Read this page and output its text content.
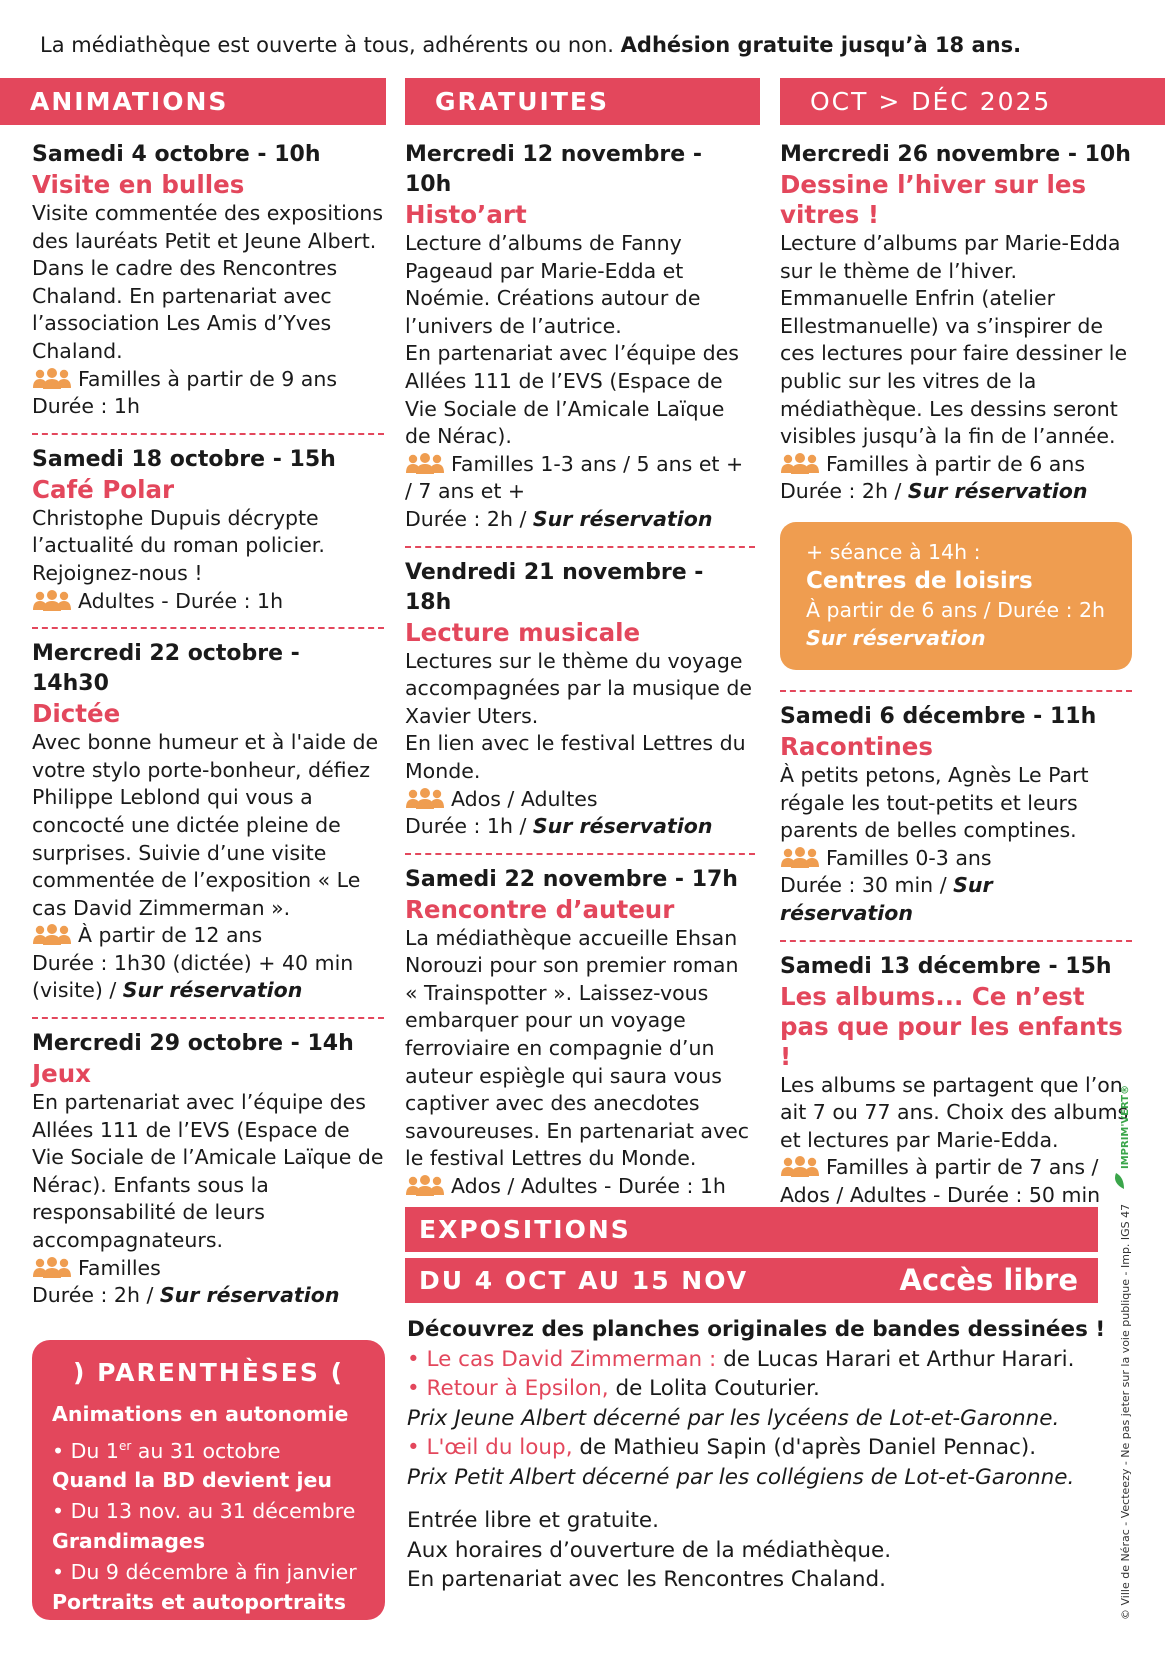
La médiathèque est ouverte à tous, adhérents ou non. Adhésion gratuite jusqu’à 18 ans.
ANIMATIONS	GRATUITES	OCT > DÉC 2025
Samedi 4 octobre - 10h
Visite en bulles
Visite commentée des expositions des lauréats Petit et Jeune Albert. Dans le cadre des Rencontres Chaland. En partenariat avec l’association Les Amis d’Yves Chaland.
Familles à partir de 9 ans
Durée : 1h
Samedi 18 octobre - 15h
Café Polar
Christophe Dupuis décrypte l’actualité du roman policier. Rejoignez-nous !
Adultes - Durée : 1h
Mercredi 22 octobre - 14h30
Dictée
Avec bonne humeur et à l'aide de votre stylo porte-bonheur, défiez Philippe Leblond qui vous a concocté une dictée pleine de surprises. Suivie d’une visite commentée de l’exposition « Le cas David Zimmerman ».
À partir de 12 ans
Durée : 1h30 (dictée) + 40 min (visite) / Sur réservation
Mercredi 29 octobre - 14h
Jeux
En partenariat avec l’équipe des Allées 111 de l’EVS (Espace de Vie Sociale de l’Amicale Laïque de Nérac). Enfants sous la responsabilité de leurs accompagnateurs.
Familles
Durée : 2h / Sur réservation
Mercredi 12 novembre - 10h
Histo’art
Lecture d’albums de Fanny Pageaud par Marie-Edda et Noémie. Créations autour de l’univers de l’autrice.
En partenariat avec l’équipe des Allées 111 de l’EVS (Espace de Vie Sociale de l’Amicale Laïque de Nérac).
Familles 1-3 ans / 5 ans et + / 7 ans et +
Durée : 2h / Sur réservation
Vendredi 21 novembre - 18h
Lecture musicale
Lectures sur le thème du voyage accompagnées par la musique de Xavier Uters.
En lien avec le festival Lettres du Monde.
Ados / Adultes
Durée : 1h / Sur réservation
Samedi 22 novembre - 17h
Rencontre d’auteur
La médiathèque accueille Ehsan Norouzi pour son premier roman « Trainspotter ». Laissez-vous embarquer pour un voyage ferroviaire en compagnie d’un auteur espiègle qui saura vous captiver avec des anecdotes savoureuses. En partenariat avec le festival Lettres du Monde.
Ados / Adultes - Durée : 1h
Mercredi 26 novembre - 10h
Dessine l’hiver sur les vitres !
Lecture d’albums par Marie-Edda sur le thème de l’hiver. Emmanuelle Enfrin (atelier Ellestmanuelle) va s’inspirer de ces lectures pour faire dessiner le public sur les vitres de la médiathèque. Les dessins seront visibles jusqu’à la fin de l’année.
Familles à partir de 6 ans
Durée : 2h / Sur réservation
+ séance à 14h :
Centres de loisirs
À partir de 6 ans / Durée : 2h
Sur réservation
Samedi 6 décembre - 11h
Racontines
À petits petons, Agnès Le Part régale les tout-petits et leurs parents de belles comptines.
Familles 0-3 ans
Durée : 30 min / Sur réservation
Samedi 13 décembre - 15h
Les albums... Ce n’est pas que pour les enfants !
Les albums se partagent que l’on ait 7 ou 77 ans. Choix des albums et lectures par Marie-Edda.
Familles à partir de 7 ans / Ados / Adultes - Durée : 50 min
) PARENTHÈSES (
Animations en autonomie
• Du 1er au 31 octobre
Quand la BD devient jeu
• Du 13 nov. au 31 décembre
Grandimages
• Du 9 décembre à fin janvier
Portraits et autoportraits
EXPOSITIONS
DU 4 OCT AU 15 NOV	Accès libre
Découvrez des planches originales de bandes dessinées !
• Le cas David Zimmerman : de Lucas Harari et Arthur Harari.
• Retour à Epsilon, de Lolita Couturier.
Prix Jeune Albert décerné par les lycéens de Lot-et-Garonne.
• L'œil du loup, de Mathieu Sapin (d'après Daniel Pennac).
Prix Petit Albert décerné par les collégiens de Lot-et-Garonne.
Entrée libre et gratuite.
Aux horaires d’ouverture de la médiathèque.
En partenariat avec les Rencontres Chaland.
IMPRIM'VERT®
© Ville de Nérac - Vecteezy - Ne pas jeter sur la voie publique - Imp. IGS 47
